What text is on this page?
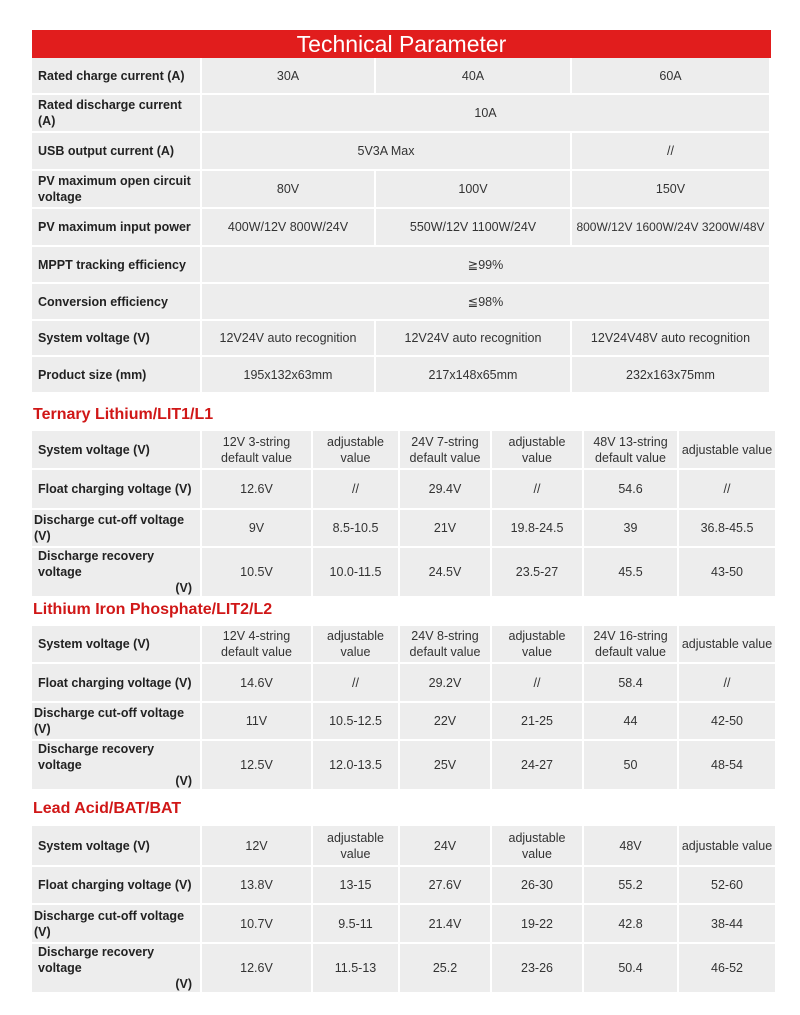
Technical Parameter
Rated charge current (A)	30A	40A	60A
Rated discharge current (A)	10A		
USB output current (A)	5V3A Max		//
PV maximum open circuit voltage	80V	100V	150V
PV maximum input power	400W/12V 800W/24V	550W/12V 1100W/24V	800W/12V 1600W/24V 3200W/48V
MPPT tracking efficiency	≧99%		
Conversion efficiency	≦98%		
System voltage (V)	12V24V auto recognition	12V24V auto recognition	12V24V48V auto recognition
Product size (mm)	195x132x63mm	217x148x65mm	232x163x75mm
Ternary Lithium/LIT1/L1
System voltage (V)	12V 3-string default value	adjustable value	24V 7-string default value	adjustable value	48V 13-string default value	adjustable value
Float charging voltage (V)	12.6V	//	29.4V	//	54.6	//
Discharge cut-off voltage (V)	9V	8.5-10.5	21V	19.8-24.5	39	36.8-45.5
Discharge recovery voltage
(V)	10.5V	10.0-11.5	24.5V	23.5-27	45.5	43-50
Lithium Iron Phosphate/LIT2/L2
System voltage (V)	12V 4-string default value	adjustable value	24V 8-string default value	adjustable value	24V 16-string default value	adjustable value
Float charging voltage (V)	14.6V	//	29.2V	//	58.4	//
Discharge cut-off voltage (V)	11V	10.5-12.5	22V	21-25	44	42-50
Discharge recovery voltage
(V)	12.5V	12.0-13.5	25V	24-27	50	48-54
Lead Acid/BAT/BAT
System voltage (V)	12V	adjustable value	24V	adjustable value	48V	adjustable value
Float charging voltage (V)	13.8V	13-15	27.6V	26-30	55.2	52-60
Discharge cut-off voltage (V)	10.7V	9.5-11	21.4V	19-22	42.8	38-44
Discharge recovery voltage
(V)	12.6V	11.5-13	25.2	23-26	50.4	46-52
